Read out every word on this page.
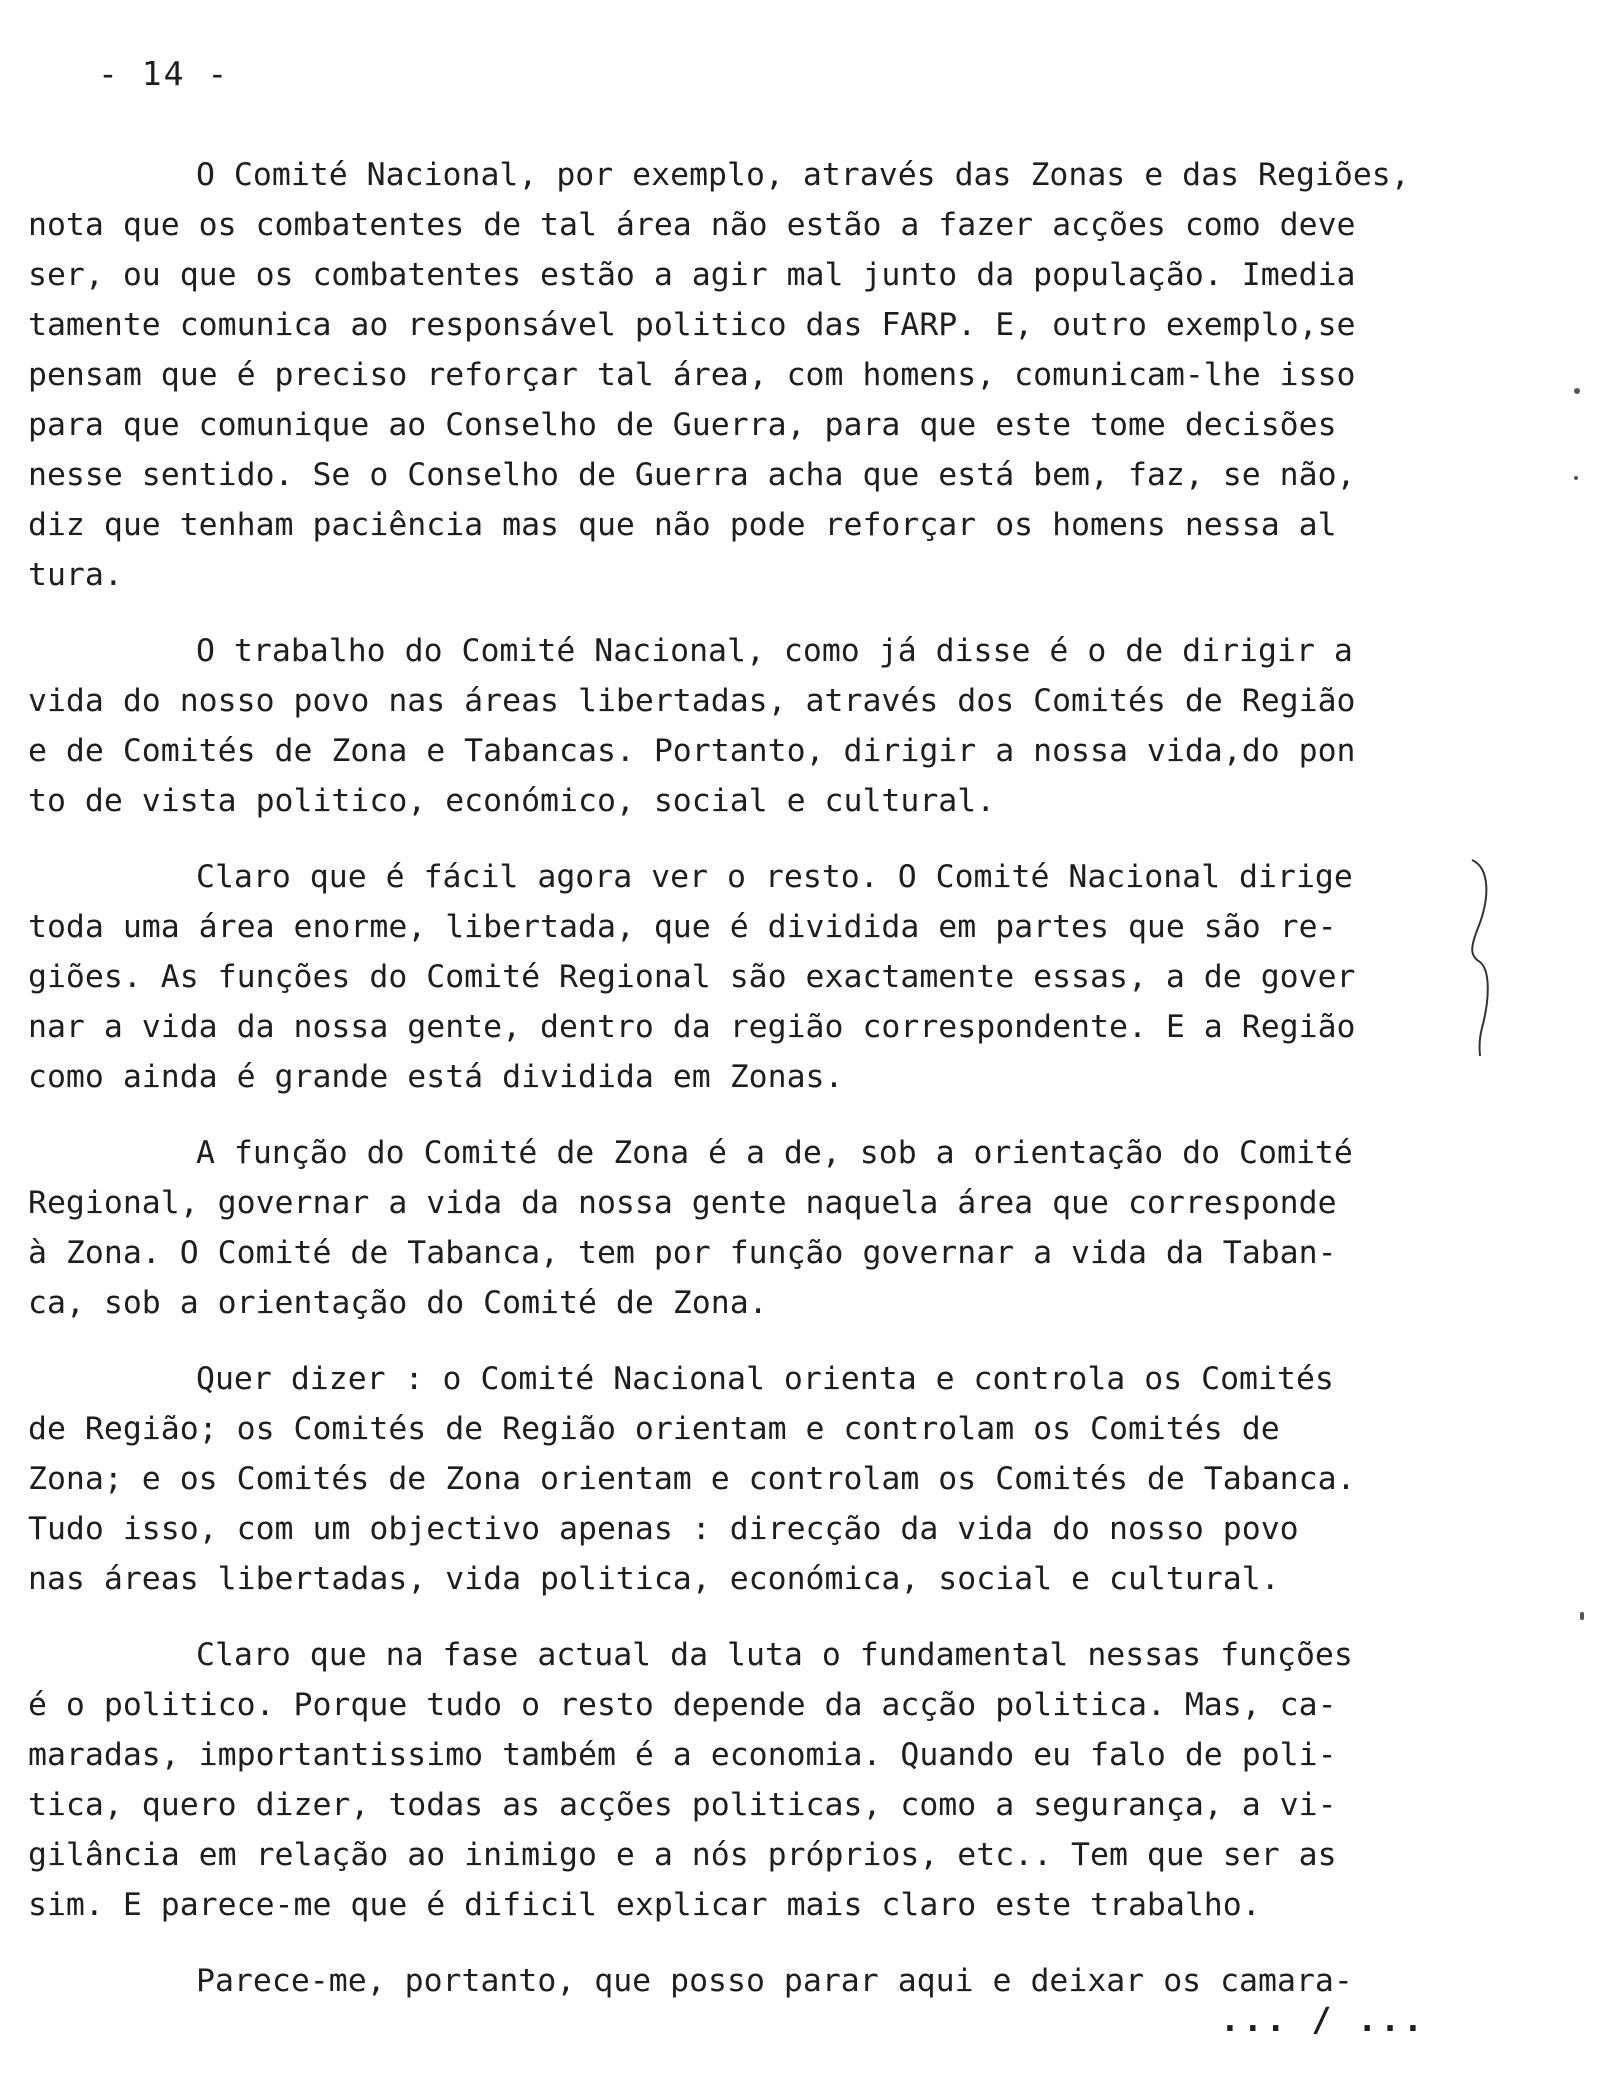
- 14 -
O Comité Nacional, por exemplo, através das Zonas e das Regiões,
nota que os combatentes de tal área não estão a fazer acções como deve
ser, ou que os combatentes estão a agir mal junto da população. Imedia
tamente comunica ao responsável politico das FARP. E, outro exemplo,se
pensam que é preciso reforçar tal área, com homens, comunicam-lhe isso
para que comunique ao Conselho de Guerra, para que este tome decisões
nesse sentido. Se o Conselho de Guerra acha que está bem, faz, se não,
diz que tenham paciência mas que não pode reforçar os homens nessa al
tura.
O trabalho do Comité Nacional, como já disse é o de dirigir a
vida do nosso povo nas áreas libertadas, através dos Comités de Região
e de Comités de Zona e Tabancas. Portanto, dirigir a nossa vida,do pon
to de vista politico, económico, social e cultural.
Claro que é fácil agora ver o resto. O Comité Nacional dirige
toda uma área enorme, libertada, que é dividida em partes que são re-
giões. As funções do Comité Regional são exactamente essas, a de gover
nar a vida da nossa gente, dentro da região correspondente. E a Região
como ainda é grande está dividida em Zonas.
A função do Comité de Zona é a de, sob a orientação do Comité
Regional, governar a vida da nossa gente naquela área que corresponde
à Zona. O Comité de Tabanca, tem por função governar a vida da Taban-
ca, sob a orientação do Comité de Zona.
Quer dizer : o Comité Nacional orienta e controla os Comités
de Região; os Comités de Região orientam e controlam os Comités de
Zona; e os Comités de Zona orientam e controlam os Comités de Tabanca.
Tudo isso, com um objectivo apenas : direcção da vida do nosso povo
nas áreas libertadas, vida politica, económica, social e cultural.
Claro que na fase actual da luta o fundamental nessas funções
é o politico. Porque tudo o resto depende da acção politica. Mas, ca-
maradas, importantissimo também é a economia. Quando eu falo de poli-
tica, quero dizer, todas as acções politicas, como a segurança, a vi-
gilância em relação ao inimigo e a nós próprios, etc.. Tem que ser as
sim. E parece-me que é dificil explicar mais claro este trabalho.
Parece-me, portanto, que posso parar aqui e deixar os camara-
... / ...
